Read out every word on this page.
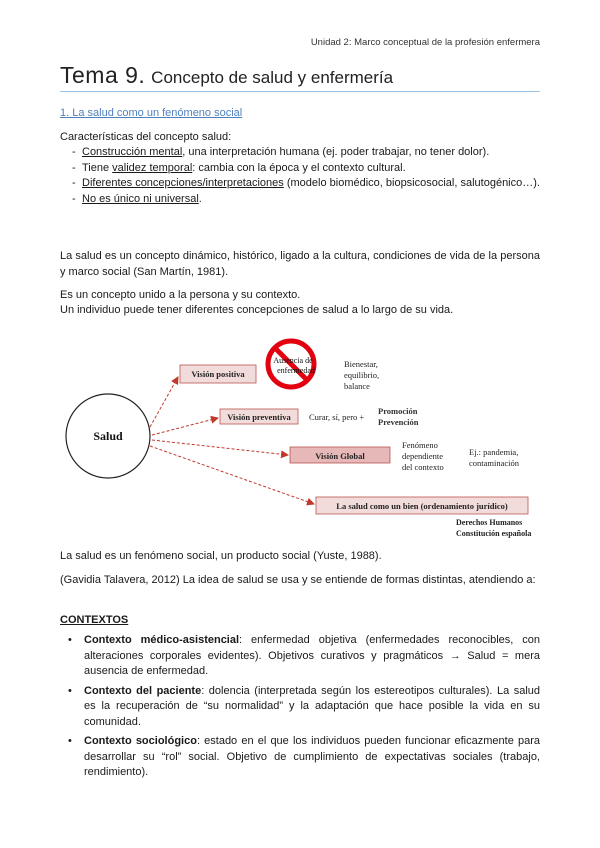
Unidad 2: Marco conceptual de la profesión enfermera
Tema 9. Concepto de salud y enfermería
1. La salud como un fenómeno social
Características del concepto salud:
- Construcción mental, una interpretación humana (ej. poder trabajar, no tener dolor).
- Tiene validez temporal: cambia con la época y el contexto cultural.
- Diferentes concepciones/interpretaciones (modelo biomédico, biopsicosocial, salutogénico…).
- No es único ni universal.
La salud es un concepto dinámico, histórico, ligado a la cultura, condiciones de vida de la persona y marco social (San Martín, 1981).
Es un concepto unido a la persona y su contexto.
Un individuo puede tener diferentes concepciones de salud a lo largo de su vida.
Salud
Visión positiva
Visión preventiva
Visión Global
La salud como un bien (ordenamiento jurídico)
Ausencia de
enfermedad
Bienestar,
equilibrio,
balance
Curar, sí, pero +
Promoción
Prevención
Fenómeno
dependiente
del contexto
Ej.: pandemia,
contaminación
Derechos Humanos
Constitución española
La salud es un fenómeno social, un producto social (Yuste, 1988).
(Gavidia Talavera, 2012) La idea de salud se usa y se entiende de formas distintas, atendiendo a:
CONTEXTOS
• Contexto médico-asistencial: enfermedad objetiva (enfermedades reconocibles, con alteraciones corporales evidentes). Objetivos curativos y pragmáticos → Salud = mera ausencia de enfermedad.
• Contexto del paciente: dolencia (interpretada según los estereotipos culturales). La salud es la recuperación de “su normalidad” y la adaptación que hace posible la vida en su comunidad.
• Contexto sociológico: estado en el que los individuos pueden funcionar eficazmente para desarrollar su “rol” social. Objetivo de cumplimiento de expectativas sociales (trabajo, rendimiento).
